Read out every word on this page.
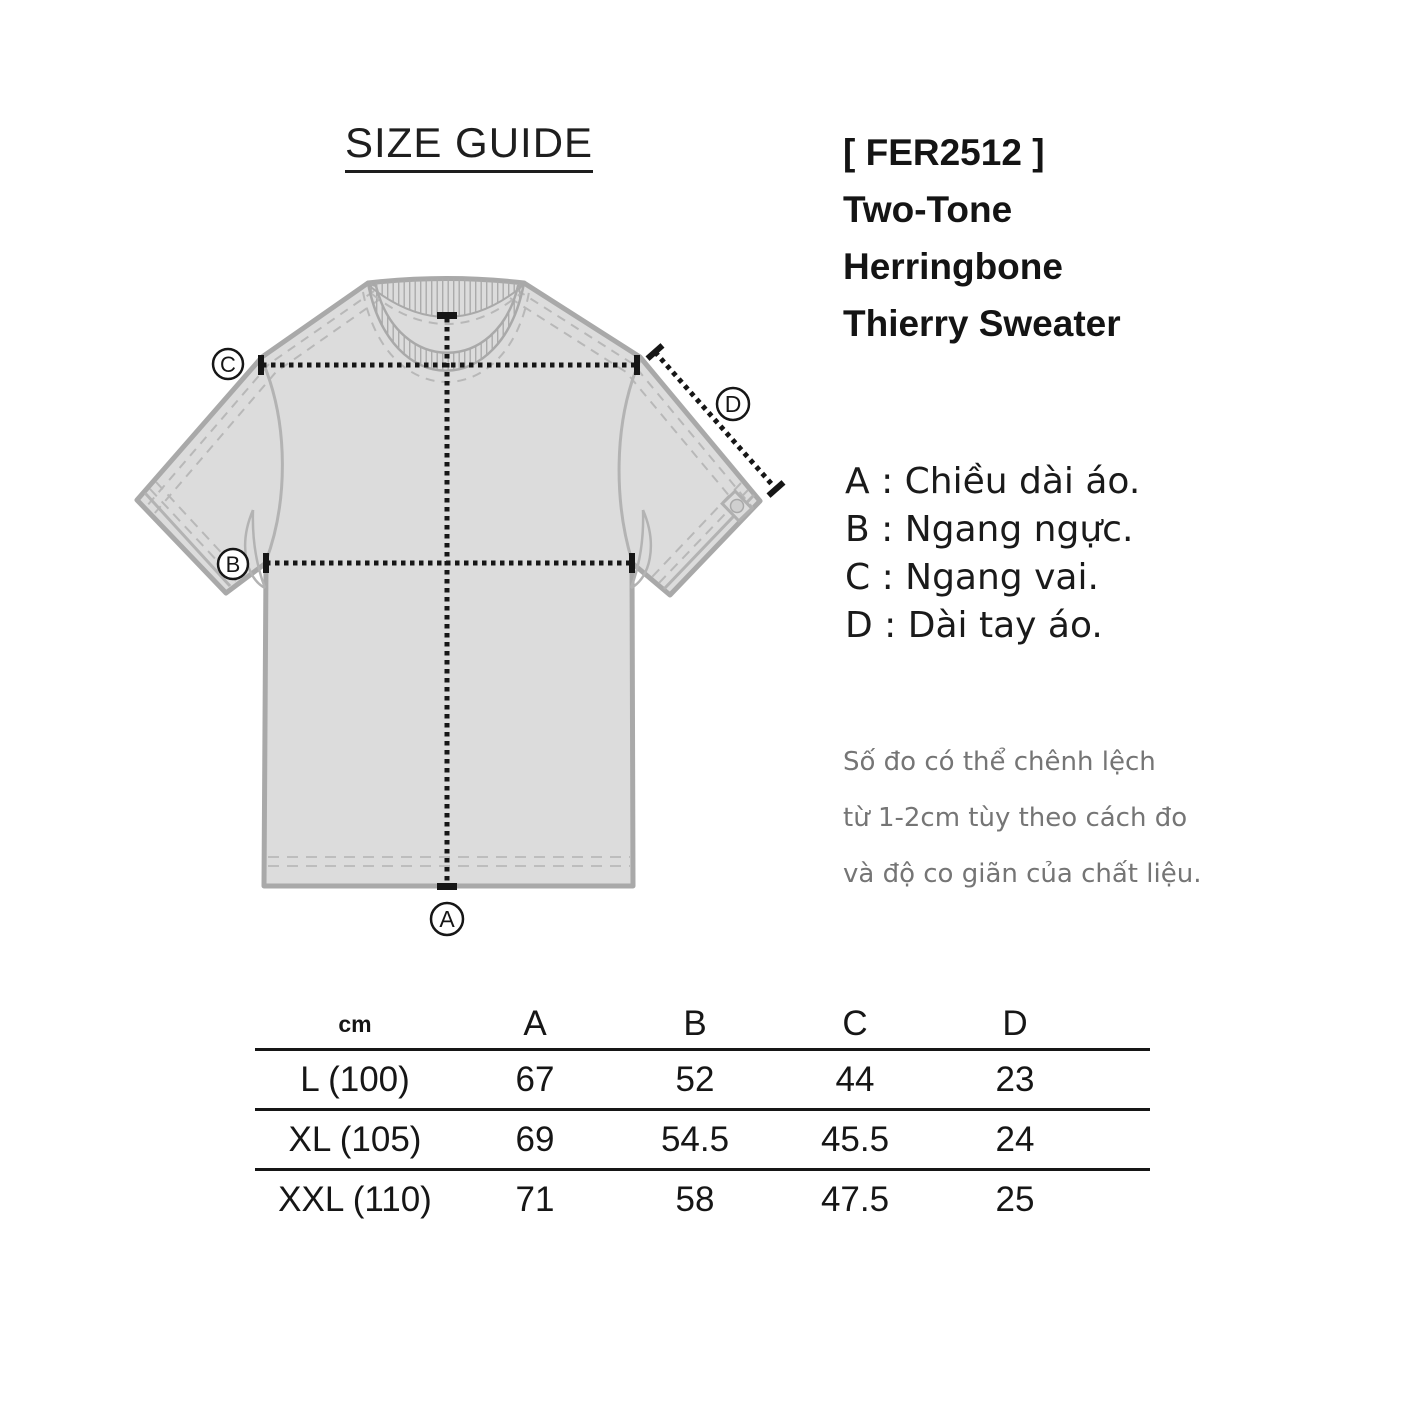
SIZE GUIDE
C
B
A
D
[ FER2512 ]
Two-Tone
Herringbone
Thierry Sweater
A : Chiều dài áo.
B : Ngang ngực.
C : Ngang vai.
D : Dài tay áo.
Số đo có thể chênh lệch
từ 1-2cm tùy theo cách đo
và độ co giãn của chất liệu.
cm	A	B	C	D
L (100)	67	52	44	23
XL (105)	69	54.5	45.5	24
XXL (110)	71	58	47.5	25
